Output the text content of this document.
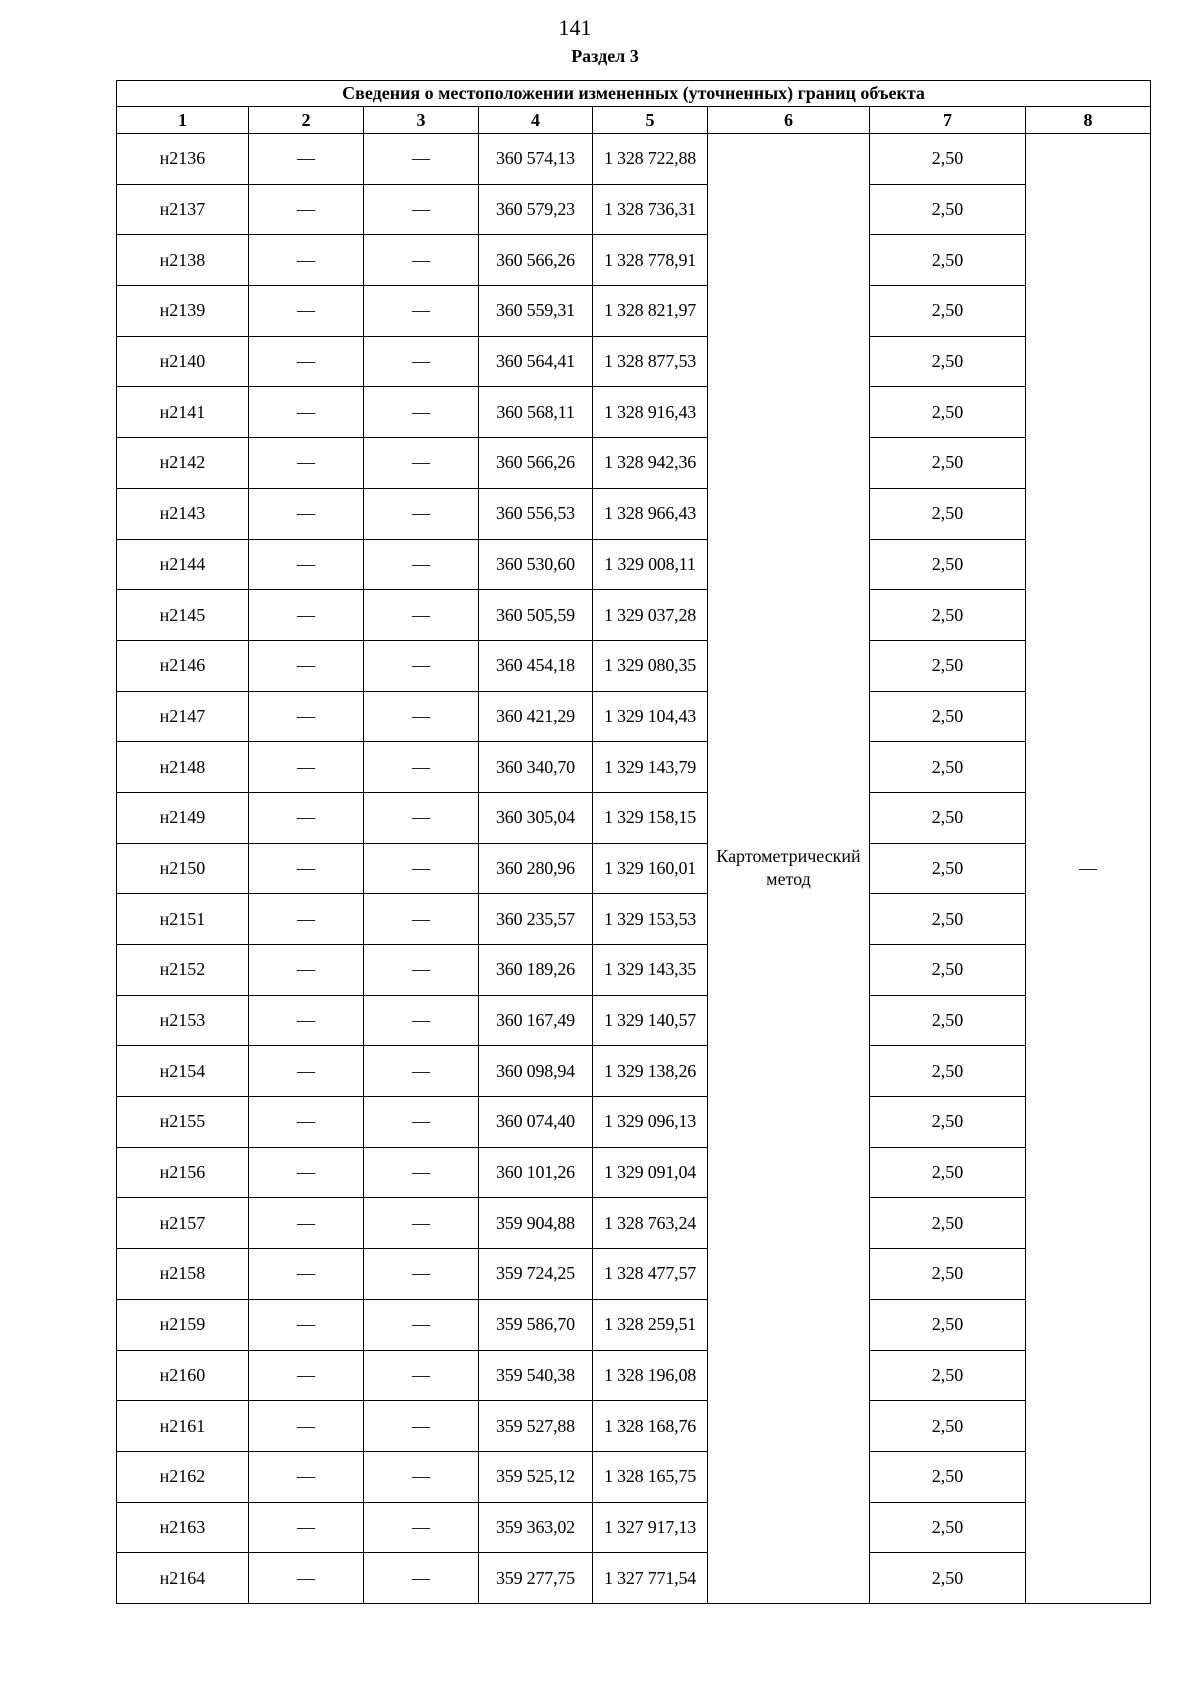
141
Раздел 3
Сведения о местоположении измененных (уточненных) границ объекта							
1	2	3	4	5	6	7	8
н2136	—	—	360 574,13	1 328 722,88	Картометрический метод	2,50	—
н2137	—	—	360 579,23	1 328 736,31		2,50	
н2138	—	—	360 566,26	1 328 778,91		2,50	
н2139	—	—	360 559,31	1 328 821,97		2,50	
н2140	—	—	360 564,41	1 328 877,53		2,50	
н2141	—	—	360 568,11	1 328 916,43		2,50	
н2142	—	—	360 566,26	1 328 942,36		2,50	
н2143	—	—	360 556,53	1 328 966,43		2,50	
н2144	—	—	360 530,60	1 329 008,11		2,50	
н2145	—	—	360 505,59	1 329 037,28		2,50	
н2146	—	—	360 454,18	1 329 080,35		2,50	
н2147	—	—	360 421,29	1 329 104,43		2,50	
н2148	—	—	360 340,70	1 329 143,79		2,50	
н2149	—	—	360 305,04	1 329 158,15		2,50	
н2150	—	—	360 280,96	1 329 160,01		2,50	
н2151	—	—	360 235,57	1 329 153,53		2,50	
н2152	—	—	360 189,26	1 329 143,35		2,50	
н2153	—	—	360 167,49	1 329 140,57		2,50	
н2154	—	—	360 098,94	1 329 138,26		2,50	
н2155	—	—	360 074,40	1 329 096,13		2,50	
н2156	—	—	360 101,26	1 329 091,04		2,50	
н2157	—	—	359 904,88	1 328 763,24		2,50	
н2158	—	—	359 724,25	1 328 477,57		2,50	
н2159	—	—	359 586,70	1 328 259,51		2,50	
н2160	—	—	359 540,38	1 328 196,08		2,50	
н2161	—	—	359 527,88	1 328 168,76		2,50	
н2162	—	—	359 525,12	1 328 165,75		2,50	
н2163	—	—	359 363,02	1 327 917,13		2,50	
н2164	—	—	359 277,75	1 327 771,54		2,50	
